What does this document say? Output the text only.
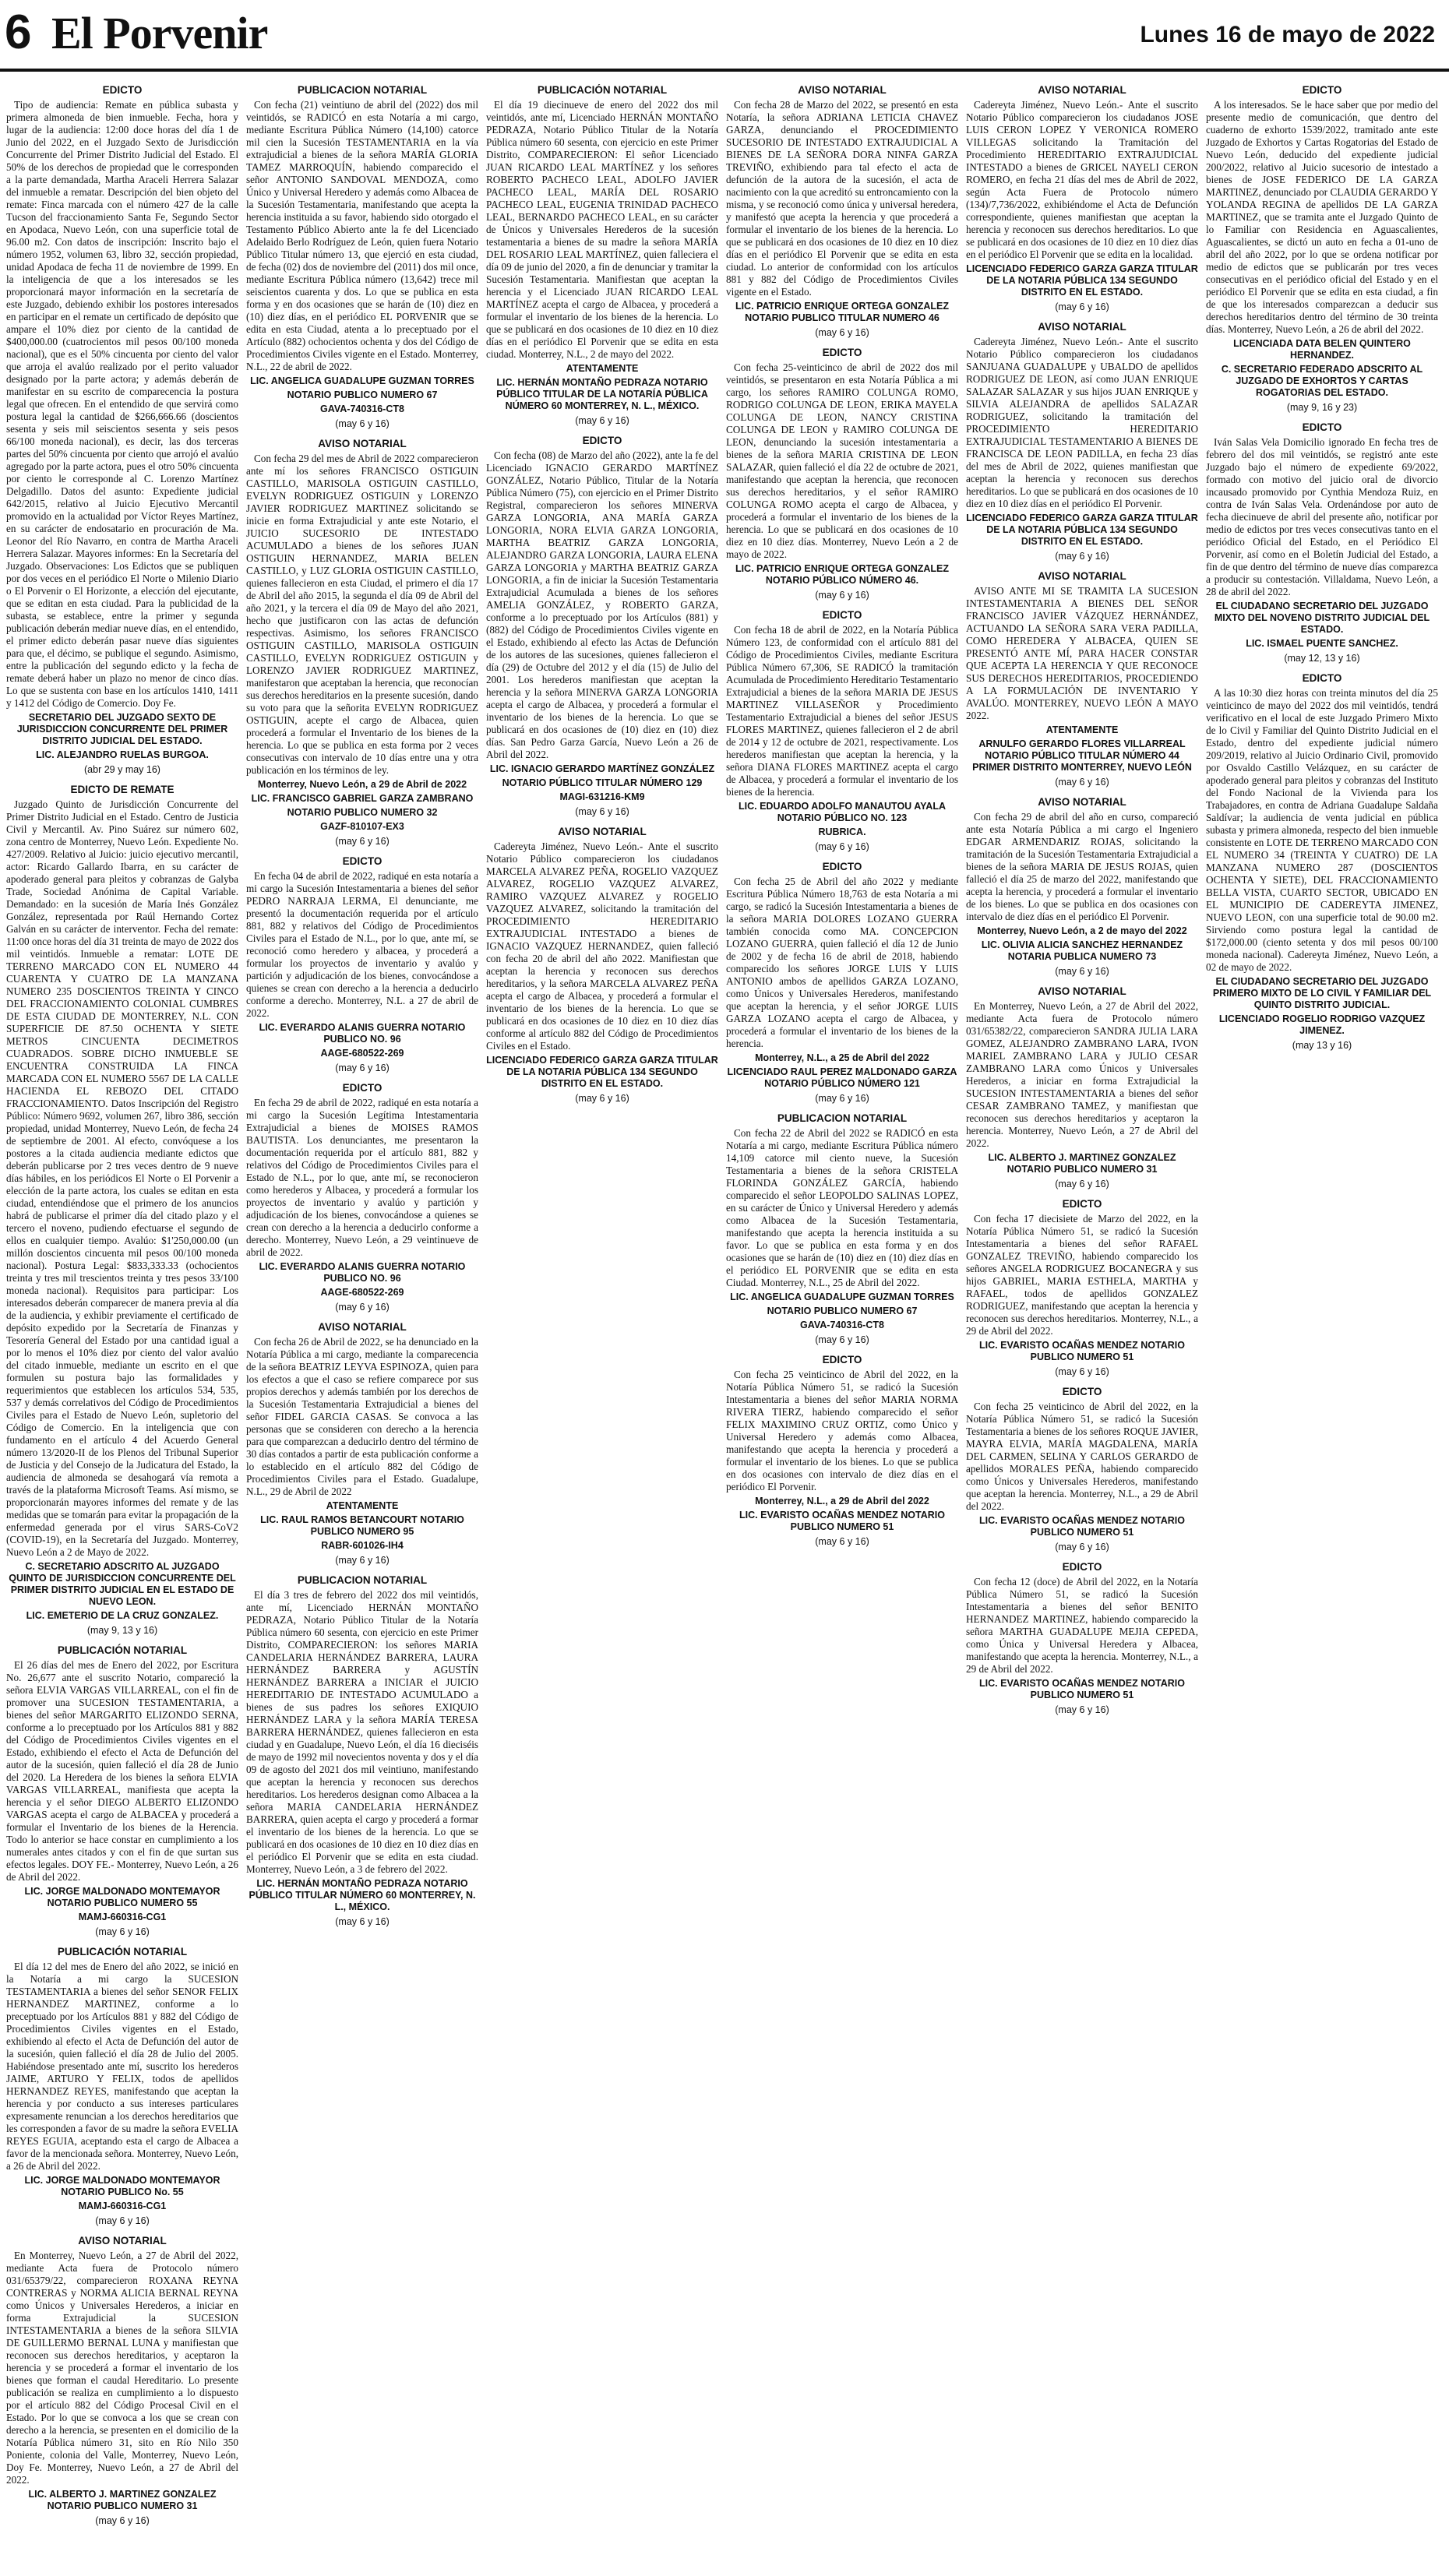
6 El Porvenir	Lunes 16 de mayo de 2022
EDICTO

Tipo de audiencia: Remate en pública subasta y primera almoneda de bien inmueble. Fecha, hora y lugar de la audiencia: 12:00 doce horas del día 1 de Junio del 2022, en el Juzgado Sexto de Jurisdicción Concurrente del Primer Distrito Judicial del Estado. El 50% de los derechos de propiedad que le corresponden a la parte demandada, Martha Araceli Herrera Salazar del inmueble a rematar. Descripción del bien objeto del remate: Finca marcada con el número 427 de la calle Tucson del fraccionamiento Santa Fe, Segundo Sector en Apodaca, Nuevo León, con una superficie total de 96.00 m2. Con datos de inscripción: Inscrito bajo el número 1952, volumen 63, libro 32, sección propiedad, unidad Apodaca de fecha 11 de noviembre de 1999. En la inteligencia de que a los interesados se les proporcionará mayor información en la secretaría de este Juzgado, debiendo exhibir los postores interesados en participar en el remate un certificado de depósito que ampare el 10% diez por ciento de la cantidad de $400,000.00 (cuatrocientos mil pesos 00/100 moneda nacional), que es el 50% cincuenta por ciento del valor que arroja el avalúo realizado por el perito valuador designado por la parte actora; y además deberán de manifestar en su escrito de comparecencia la postura legal que ofrecen. En el entendido de que servirá como postura legal la cantidad de $266,666.66 (doscientos sesenta y seis mil seiscientos sesenta y seis pesos 66/100 moneda nacional), es decir, las dos terceras partes del 50% cincuenta por ciento que arrojó el avalúo agregado por la parte actora, pues el otro 50% cincuenta por ciento le corresponde al C. Lorenzo Martínez Delgadillo. Datos del asunto: Expediente judicial 642/2015, relativo al Juicio Ejecutivo Mercantil promovido en la actualidad por Víctor Reyes Martínez, en su carácter de endosatario en procuración de Ma. Leonor del Río Navarro, en contra de Martha Araceli Herrera Salazar. Mayores informes: En la Secretaría del Juzgado. Observaciones: Los Edictos que se publiquen por dos veces en el periódico El Norte o Milenio Diario o El Porvenir o El Horizonte, a elección del ejecutante, que se editan en esta ciudad. Para la publicidad de la subasta, se establece, entre la primer y segunda publicación deberán mediar nueve días, en el entendido, el primer edicto deberán pasar nueve días siguientes para que, el décimo, se publique el segundo. Asimismo, entre la publicación del segundo edicto y la fecha de remate deberá haber un plazo no menor de cinco días. Lo que se sustenta con base en los artículos 1410, 1411 y 1412 del Código de Comercio. Doy Fe.

SECRETARIO DEL JUZGADO SEXTO DE JURISDICCION CONCURRENTE DEL PRIMER DISTRITO JUDICIAL DEL ESTADO.

LIC. ALEJANDRO RUELAS BURGOA.

(abr 29 y may 16)

EDICTO DE REMATE

Juzgado Quinto de Jurisdicción Concurrente del Primer Distrito Judicial en el Estado. Centro de Justicia Civil y Mercantil. Av. Pino Suárez sur número 602, zona centro de Monterrey, Nuevo León. Expediente No. 427/2009. Relativo al Juicio: juicio ejecutivo mercantil, actor: Ricardo Gallardo Ibarra, en su carácter de apoderado general para pleitos y cobranzas de Galyba Trade, Sociedad Anónima de Capital Variable. Demandado: en la sucesión de María Inés González González, representada por Raúl Hernando Cortez Galván en su carácter de interventor. Fecha del remate: 11:00 once horas del día 31 treinta de mayo de 2022 dos mil veintidós. Inmueble a rematar: LOTE DE TERRENO MARCADO CON EL NUMERO 44 CUARENTA Y CUATRO DE LA MANZANA NUMERO 235 DOSCIENTOS TREINTA Y CINCO DEL FRACCIONAMIENTO COLONIAL CUMBRES DE ESTA CIUDAD DE MONTERREY, N.L. CON SUPERFICIE DE 87.50 OCHENTA Y SIETE METROS CINCUENTA DECIMETROS CUADRADOS. SOBRE DICHO INMUEBLE SE ENCUENTRA CONSTRUIDA LA FINCA MARCADA CON EL NUMERO 5567 DE LA CALLE HACIENDA EL REBOZO DEL CITADO FRACCIONAMIENTO. Datos Inscripción del Registro Público: Número 9692, volumen 267, libro 386, sección propiedad, unidad Monterrey, Nuevo León, de fecha 24 de septiembre de 2001. Al efecto, convóquese a los postores a la citada audiencia mediante edictos que deberán publicarse por 2 tres veces dentro de 9 nueve días hábiles, en los periódicos El Norte o El Porvenir a elección de la parte actora, los cuales se editan en esta ciudad, entendiéndose que el primero de los anuncios habrá de publicarse el primer día del citado plazo y el tercero el noveno, pudiendo efectuarse el segundo de ellos en cualquier tiempo. Avalúo: $1'250,000.00 (un millón doscientos cincuenta mil pesos 00/100 moneda nacional). Postura Legal: $833,333.33 (ochocientos treinta y tres mil trescientos treinta y tres pesos 33/100 moneda nacional). Requisitos para participar: Los interesados deberán comparecer de manera previa al día de la audiencia, y exhibir previamente el certificado de depósito expedido por la Secretaría de Finanzas y Tesorería General del Estado por una cantidad igual a por lo menos el 10% diez por ciento del valor avalúo del citado inmueble, mediante un escrito en el que formulen su postura bajo las formalidades y requerimientos que establecen los artículos 534, 535, 537 y demás correlativos del Código de Procedimientos Civiles para el Estado de Nuevo León, supletorio del Código de Comercio. En la inteligencia que con fundamento en el artículo 4 del Acuerdo General número 13/2020-II de los Plenos del Tribunal Superior de Justicia y del Consejo de la Judicatura del Estado, la audiencia de almoneda se desahogará vía remota a través de la plataforma Microsoft Teams. Así mismo, se proporcionarán mayores informes del remate y de las medidas que se tomarán para evitar la propagación de la enfermedad generada por el virus SARS-CoV2 (COVID-19), en la Secretaría del Juzgado. Monterrey, Nuevo León a 2 de Mayo de 2022.

C. SECRETARIO ADSCRITO AL JUZGADO QUINTO DE JURISDICCION CONCURRENTE DEL PRIMER DISTRITO JUDICIAL EN EL ESTADO DE NUEVO LEON.

LIC. EMETERIO DE LA CRUZ GONZALEZ.

(may 9, 13 y 16)

PUBLICACIÓN NOTARIAL

El 26 días del mes de Enero del 2022, por Escritura No. 26,677 ante el suscrito Notario, compareció la señora ELVIA VARGAS VILLARREAL, con el fin de promover una SUCESION TESTAMENTARIA, a bienes del señor MARGARITO ELIZONDO SERNA, conforme a lo preceptuado por los Artículos 881 y 882 del Código de Procedimientos Civiles vigentes en el Estado, exhibiendo el efecto el Acta de Defunción del autor de la sucesión, quien falleció el día 28 de Junio del 2020. La Heredera de los bienes la señora ELVIA VARGAS VILLARREAL, manifiesta que acepta la herencia y el señor DIEGO ALBERTO ELIZONDO VARGAS acepta el cargo de ALBACEA y procederá a formular el Inventario de los bienes de la Herencia. Todo lo anterior se hace constar en cumplimiento a los numerales antes citados y con el fin de que surtan sus efectos legales. DOY FE.- Monterrey, Nuevo León, a 26 de Abril del 2022.

LIC. JORGE MALDONADO MONTEMAYOR NOTARIO PUBLICO NUMERO 55

MAMJ-660316-CG1

(may 6 y 16)

PUBLICACIÓN NOTARIAL

El día 12 del mes de Enero del año 2022, se inició en la Notaría a mi cargo la SUCESION TESTAMENTARIA a bienes del señor SENOR FELIX HERNANDEZ MARTINEZ, conforme a lo preceptuado por los Artículos 881 y 882 del Código de Procedimientos Civiles vigentes en el Estado, exhibiendo al efecto el Acta de Defunción del autor de la sucesión, quien falleció el día 28 de Julio del 2005. Habiéndose presentado ante mí, suscrito los herederos JAIME, ARTURO Y FELIX, todos de apellidos HERNANDEZ REYES, manifestando que aceptan la herencia y por conducto a sus intereses particulares expresamente renuncian a los derechos hereditarios que les corresponden a favor de su madre la señora EVELIA REYES EGUIA, aceptando esta el cargo de Albacea a favor de la mencionada señora. Monterrey, Nuevo León, a 26 de Abril del 2022.

LIC. JORGE MALDONADO MONTEMAYOR NOTARIO PUBLICO No. 55

MAMJ-660316-CG1

(may 6 y 16)

AVISO NOTARIAL

En Monterrey, Nuevo León, a 27 de Abril del 2022, mediante Acta fuera de Protocolo número 031/65379/22, comparecieron ROXANA REYNA CONTRERAS y NORMA ALICIA BERNAL REYNA como Únicos y Universales Herederos, a iniciar en forma Extrajudicial la SUCESION INTESTAMENTARIA a bienes de la señora SILVIA DE GUILLERMO BERNAL LUNA y manifiestan que reconocen sus derechos hereditarios, y aceptaron la herencia y se procederá a formar el inventario de los bienes que forman el caudal Hereditario. Lo presente publicación se realiza en cumplimiento a lo dispuesto por el artículo 882 del Código Procesal Civil en el Estado. Por lo que se convoca a los que se crean con derecho a la herencia, se presenten en el domicilio de la Notaría Pública número 31, sito en Río Nilo 350 Poniente, colonia del Valle, Monterrey, Nuevo León, Doy Fe. Monterrey, Nuevo León, a 27 de Abril del 2022.

LIC. ALBERTO J. MARTINEZ GONZALEZ NOTARIO PUBLICO NUMERO 31

(may 6 y 16)

PUBLICACION NOTARIAL

Con fecha (21) veintiuno de abril del (2022) dos mil veintidós, se RADICÓ en esta Notaría a mi cargo, mediante Escritura Pública Número (14,100) catorce mil cien la Sucesión TESTAMENTARIA en la vía extrajudicial a bienes de la señora MARÍA GLORIA TAMEZ MARROQUÍN, habiendo comparecido el señor ANTONIO SANDOVAL MENDOZA, como Único y Universal Heredero y además como Albacea de la Sucesión Testamentaria, manifestando que acepta la herencia instituida a su favor, habiendo sido otorgado el Testamento Público Abierto ante la fe del Licenciado Adelaido Berlo Rodríguez de León, quien fuera Notario Público Titular número 13, que ejerció en esta ciudad, de fecha (02) dos de noviembre del (2011) dos mil once, mediante Escritura Pública número (13,642) trece mil seiscientos cuarenta y dos. Lo que se publica en esta forma y en dos ocasiones que se harán de (10) diez en (10) diez días, en el periódico EL PORVENIR que se edita en esta Ciudad, atenta a lo preceptuado por el Artículo (882) ochocientos ochenta y dos del Código de Procedimientos Civiles vigente en el Estado. Monterrey, N.L., 22 de abril de 2022.

LIC. ANGELICA GUADALUPE GUZMAN TORRES

NOTARIO PUBLICO NUMERO 67

GAVA-740316-CT8

(may 6 y 16)

AVISO NOTARIAL

Con fecha 29 del mes de Abril de 2022 comparecieron ante mí los señores FRANCISCO OSTIGUIN CASTILLO, MARISOLA OSTIGUIN CASTILLO, EVELYN RODRIGUEZ OSTIGUIN y LORENZO JAVIER RODRIGUEZ MARTINEZ solicitando se inicie en forma Extrajudicial y ante este Notario, el JUICIO SUCESORIO DE INTESTADO ACUMULADO a bienes de los señores JUAN OSTIGUIN HERNANDEZ, MARIA BELEN CASTILLO, y LUZ GLORIA OSTIGUIN CASTILLO, quienes fallecieron en esta Ciudad, el primero el día 17 de Abril del año 2015, la segunda el día 09 de Abril del año 2021, y la tercera el día 09 de Mayo del año 2021, hecho que justificaron con las actas de defunción respectivas. Asimismo, los señores FRANCISCO OSTIGUIN CASTILLO, MARISOLA OSTIGUIN CASTILLO, EVELYN RODRIGUEZ OSTIGUIN y LORENZO JAVIER RODRIGUEZ MARTINEZ, manifestaron que aceptaban la herencia, que reconocían sus derechos hereditarios en la presente sucesión, dando su voto para que la señorita EVELYN RODRIGUEZ OSTIGUIN, acepte el cargo de Albacea, quien procederá a formular el Inventario de los bienes de la herencia. Lo que se publica en esta forma por 2 veces consecutivas con intervalo de 10 días entre una y otra publicación en los términos de ley.

Monterrey, Nuevo León, a 29 de Abril de 2022

LIC. FRANCISCO GABRIEL GARZA ZAMBRANO

NOTARIO PUBLICO NUMERO 32

GAZF-810107-EX3

(may 6 y 16)

EDICTO

En fecha 04 de abril de 2022, radiqué en esta notaría a mi cargo la Sucesión Intestamentaria a bienes del señor PEDRO NARRAJA LERMA, El denunciante, me presentó la documentación requerida por el artículo 881, 882 y relativos del Código de Procedimientos Civiles para el Estado de N.L., por lo que, ante mí, se reconoció como heredero y albacea, y procederá a formular los proyectos de inventario y avalúo y partición y adjudicación de los bienes, convocándose a quienes se crean con derecho a la herencia a deducirlo conforme a derecho. Monterrey, N.L. a 27 de abril de 2022.

LIC. EVERARDO ALANIS GUERRA NOTARIO PUBLICO NO. 96

AAGE-680522-269

(may 6 y 16)

EDICTO

En fecha 29 de abril de 2022, radiqué en esta notaría a mi cargo la Sucesión Legítima Intestamentaria Extrajudicial a bienes de MOISES RAMOS BAUTISTA. Los denunciantes, me presentaron la documentación requerida por el artículo 881, 882 y relativos del Código de Procedimientos Civiles para el Estado de N.L., por lo que, ante mí, se reconocieron como herederos y Albacea, y procederá a formular los proyectos de inventario y avalúo y partición y adjudicación de los bienes, convocándose a quienes se crean con derecho a la herencia a deducirlo conforme a derecho. Monterrey, Nuevo León, a 29 veintinueve de abril de 2022.

LIC. EVERARDO ALANIS GUERRA NOTARIO PUBLICO NO. 96

AAGE-680522-269

(may 6 y 16)

AVISO NOTARIAL

Con fecha 26 de Abril de 2022, se ha denunciado en la Notaría Pública a mi cargo, mediante la comparecencia de la señora BEATRIZ LEYVA ESPINOZA, quien para los efectos a que el caso se refiere comparece por sus propios derechos y además también por los derechos de la Sucesión Testamentaria Extrajudicial a bienes del señor FIDEL GARCIA CASAS. Se convoca a las personas que se consideren con derecho a la herencia para que comparezcan a deducirlo dentro del término de 30 días contados a partir de esta publicación conforme a lo establecido en el artículo 882 del Código de Procedimientos Civiles para el Estado. Guadalupe, N.L., 29 de Abril de 2022

ATENTAMENTE

LIC. RAUL RAMOS BETANCOURT NOTARIO PUBLICO NUMERO 95

RABR-601026-IH4

(may 6 y 16)

PUBLICACION NOTARIAL

El día 3 tres de febrero del 2022 dos mil veintidós, ante mí, Licenciado HERNÁN MONTAÑO PEDRAZA, Notario Público Titular de la Notaría Pública número 60 sesenta, con ejercicio en este Primer Distrito, COMPARECIERON: los señores MARIA CANDELARIA HERNÁNDEZ BARRERA, LAURA HERNÁNDEZ BARRERA y AGUSTÍN HERNÁNDEZ BARRERA a INICIAR el JUICIO HEREDITARIO DE INTESTADO ACUMULADO a bienes de sus padres los señores EXIQUIO HERNÁNDEZ LARA y la señora MARÍA TERESA BARRERA HERNÁNDEZ, quienes fallecieron en esta ciudad y en Guadalupe, Nuevo León, el día 16 dieciséis de mayo de 1992 mil novecientos noventa y dos y el día 09 de agosto del 2021 dos mil veintiuno, manifestando que aceptan la herencia y reconocen sus derechos hereditarios. Los herederos designan como Albacea a la señora MARIA CANDELARIA HERNÁNDEZ BARRERA, quien acepta el cargo y procederá a formar el inventario de los bienes de la herencia. Lo que se publicará en dos ocasiones de 10 diez en 10 diez días en el periódico El Porvenir que se edita en esta ciudad. Monterrey, Nuevo León, a 3 de febrero del 2022.

LIC. HERNÁN MONTAÑO PEDRAZA NOTARIO PÚBLICO TITULAR NÚMERO 60 MONTERREY, N. L., MÉXICO.

(may 6 y 16)

PUBLICACIÓN NOTARIAL

El día 19 diecinueve de enero del 2022 dos mil veintidós, ante mí, Licenciado HERNÁN MONTAÑO PEDRAZA, Notario Público Titular de la Notaría Pública número 60 sesenta, con ejercicio en este Primer Distrito, COMPARECIERON: El señor Licenciado JUAN RICARDO LEAL MARTÍNEZ y los señores ROBERTO PACHECO LEAL, ADOLFO JAVIER PACHECO LEAL, MARÍA DEL ROSARIO PACHECO LEAL, EUGENIA TRINIDAD PACHECO LEAL, BERNARDO PACHECO LEAL, en su carácter de Únicos y Universales Herederos de la sucesión testamentaria a bienes de su madre la señora MARÍA DEL ROSARIO LEAL MARTÍNEZ, quien falleciera el día 09 de junio del 2020, a fin de denunciar y tramitar la Sucesión Testamentaria. Manifiestan que aceptan la herencia y el Licenciado JUAN RICARDO LEAL MARTÍNEZ acepta el cargo de Albacea, y procederá a formular el inventario de los bienes de la herencia. Lo que se publicará en dos ocasiones de 10 diez en 10 diez días en el periódico El Porvenir que se edita en esta ciudad. Monterrey, N.L., 2 de mayo del 2022.

ATENTAMENTE

LIC. HERNÁN MONTAÑO PEDRAZA NOTARIO PÚBLICO TITULAR DE LA NOTARÍA PÚBLICA NÚMERO 60 MONTERREY, N. L., MÉXICO.

(may 6 y 16)

EDICTO

Con fecha (08) de Marzo del año (2022), ante la fe del Licenciado IGNACIO GERARDO MARTÍNEZ GONZÁLEZ, Notario Público, Titular de la Notaría Pública Número (75), con ejercicio en el Primer Distrito Registral, comparecieron los señores MINERVA GARZA LONGORIA, ANA MARÍA GARZA LONGORIA, NORA ELVIA GARZA LONGORIA, MARTHA BEATRIZ GARZA LONGORIA, ALEJANDRO GARZA LONGORIA, LAURA ELENA GARZA LONGORIA y MARTHA BEATRIZ GARZA LONGORIA, a fin de iniciar la Sucesión Testamentaria Extrajudicial Acumulada a bienes de los señores AMELIA GONZÁLEZ, y ROBERTO GARZA, conforme a lo preceptuado por los Artículos (881) y (882) del Código de Procedimientos Civiles vigente en el Estado, exhibiendo al efecto las Actas de Defunción de los autores de las sucesiones, quienes fallecieron el día (29) de Octubre del 2012 y el día (15) de Julio del 2001. Los herederos manifiestan que aceptan la herencia y la señora MINERVA GARZA LONGORIA acepta el cargo de Albacea, y procederá a formular el inventario de los bienes de la herencia. Lo que se publicará en dos ocasiones de (10) diez en (10) diez días. San Pedro Garza García, Nuevo León a 26 de Abril del 2022.

LIC. IGNACIO GERARDO MARTÍNEZ GONZÁLEZ

NOTARIO PÚBLICO TITULAR NÚMERO 129

MAGI-631216-KM9

(may 6 y 16)

AVISO NOTARIAL

Cadereyta Jiménez, Nuevo León.- Ante el suscrito Notario Público comparecieron los ciudadanos MARCELA ALVAREZ PEÑA, ROGELIO VAZQUEZ ALVAREZ, ROGELIO VAZQUEZ ALVAREZ, RAMIRO VAZQUEZ ALVAREZ y ROGELIO VAZQUEZ ALVAREZ, solicitando la tramitación del PROCEDIMIENTO HEREDITARIO EXTRAJUDICIAL INTESTADO a bienes de IGNACIO VAZQUEZ HERNANDEZ, quien falleció con fecha 20 de abril del año 2022. Manifiestan que aceptan la herencia y reconocen sus derechos hereditarios, y la señora MARCELA ALVAREZ PEÑA acepta el cargo de Albacea, y procederá a formular el inventario de los bienes de la herencia. Lo que se publicará en dos ocasiones de 10 diez en 10 diez días conforme al artículo 882 del Código de Procedimientos Civiles en el Estado.

LICENCIADO FEDERICO GARZA GARZA TITULAR DE LA NOTARIA PÚBLICA 134 SEGUNDO DISTRITO EN EL ESTADO.

(may 6 y 16)

AVISO NOTARIAL

Con fecha 28 de Marzo del 2022, se presentó en esta Notaría, la señora ADRIANA LETICIA CHAVEZ GARZA, denunciando el PROCEDIMIENTO SUCESORIO DE INTESTADO EXTRAJUDICIAL A BIENES DE LA SEÑORA DORA NINFA GARZA TREVIÑO, exhibiendo para tal efecto el acta de defunción de la autora de la sucesión, el acta de nacimiento con la que acreditó su entroncamiento con la misma, y se reconoció como única y universal heredera, y manifestó que acepta la herencia y que procederá a formular el inventario de los bienes de la herencia. Lo que se publicará en dos ocasiones de 10 diez en 10 diez días en el periódico El Porvenir que se edita en esta ciudad. Lo anterior de conformidad con los artículos 881 y 882 del Código de Procedimientos Civiles vigente en el Estado.

LIC. PATRICIO ENRIQUE ORTEGA GONZALEZ NOTARIO PUBLICO TITULAR NUMERO 46

(may 6 y 16)

EDICTO

Con fecha 25-veinticinco de abril de 2022 dos mil veintidós, se presentaron en esta Notaría Pública a mi cargo, los señores RAMIRO COLUNGA ROMO, RODRIGO COLUNGA DE LEON, ERIKA MAYELA COLUNGA DE LEON, NANCY CRISTINA COLUNGA DE LEON y RAMIRO COLUNGA DE LEON, denunciando la sucesión intestamentaria a bienes de la señora MARIA CRISTINA DE LEON SALAZAR, quien falleció el día 22 de octubre de 2021, manifestando que aceptan la herencia, que reconocen sus derechos hereditarios, y el señor RAMIRO COLUNGA ROMO acepta el cargo de Albacea, y procederá a formular el inventario de los bienes de la herencia. Lo que se publicará en dos ocasiones de 10 diez en 10 diez días. Monterrey, Nuevo León a 2 de mayo de 2022.

LIC. PATRICIO ENRIQUE ORTEGA GONZALEZ NOTARIO PÚBLICO NÚMERO 46.

(may 6 y 16)

EDICTO

Con fecha 18 de abril de 2022, en la Notaría Pública Número 123, de conformidad con el artículo 881 del Código de Procedimientos Civiles, mediante Escritura Pública Número 67,306, SE RADICÓ la tramitación Acumulada de Procedimiento Hereditario Testamentario Extrajudicial a bienes de la señora MARIA DE JESUS MARTINEZ VILLASEÑOR y Procedimiento Testamentario Extrajudicial a bienes del señor JESUS FLORES MARTINEZ, quienes fallecieron el 2 de abril de 2014 y 12 de octubre de 2021, respectivamente. Los herederos manifiestan que aceptan la herencia, y la señora DIANA FLORES MARTINEZ acepta el cargo de Albacea, y procederá a formular el inventario de los bienes de la herencia.

LIC. EDUARDO ADOLFO MANAUTOU AYALA NOTARIO PÚBLICO NO. 123

RUBRICA.

(may 6 y 16)

EDICTO

Con fecha 25 de Abril del año 2022 y mediante Escritura Pública Número 18,763 de esta Notaría a mi cargo, se radicó la Sucesión Intestamentaria a bienes de la señora MARIA DOLORES LOZANO GUERRA también conocida como MA. CONCEPCION LOZANO GUERRA, quien falleció el día 12 de Junio de 2002 y de fecha 16 de abril de 2018, habiendo comparecido los señores JORGE LUIS Y LUIS ANTONIO ambos de apellidos GARZA LOZANO, como Únicos y Universales Herederos, manifestando que aceptan la herencia, y el señor JORGE LUIS GARZA LOZANO acepta el cargo de Albacea, y procederá a formular el inventario de los bienes de la herencia.

Monterrey, N.L., a 25 de Abril del 2022

LICENCIADO RAUL PEREZ MALDONADO GARZA NOTARIO PÚBLICO NÚMERO 121

(may 6 y 16)

PUBLICACION NOTARIAL

Con fecha 22 de Abril del 2022 se RADICÓ en esta Notaría a mi cargo, mediante Escritura Pública número 14,109 catorce mil ciento nueve, la Sucesión Testamentaria a bienes de la señora CRISTELA FLORINDA GONZÁLEZ GARCÍA, habiendo comparecido el señor LEOPOLDO SALINAS LOPEZ, en su carácter de Único y Universal Heredero y además como Albacea de la Sucesión Testamentaria, manifestando que acepta la herencia instituida a su favor. Lo que se publica en esta forma y en dos ocasiones que se harán de (10) diez en (10) diez días en el periódico EL PORVENIR que se edita en esta Ciudad. Monterrey, N.L., 25 de Abril del 2022.

LIC. ANGELICA GUADALUPE GUZMAN TORRES

NOTARIO PUBLICO NUMERO 67

GAVA-740316-CT8

(may 6 y 16)

EDICTO

Con fecha 25 veinticinco de Abril del 2022, en la Notaría Pública Número 51, se radicó la Sucesión Intestamentaria a bienes del señor MARIA NORMA RIVERA TIERZ, habiendo comparecido el señor FELIX MAXIMINO CRUZ ORTIZ, como Único y Universal Heredero y además como Albacea, manifestando que acepta la herencia y procederá a formular el inventario de los bienes. Lo que se publica en dos ocasiones con intervalo de diez días en el periódico El Porvenir.

Monterrey, N.L., a 29 de Abril del 2022

LIC. EVARISTO OCAÑAS MENDEZ NOTARIO PUBLICO NUMERO 51

(may 6 y 16)

AVISO NOTARIAL

Cadereyta Jiménez, Nuevo León.- Ante el suscrito Notario Público comparecieron los ciudadanos JOSE LUIS CERON LOPEZ Y VERONICA ROMERO VILLEGAS solicitando la Tramitación del Procedimiento HEREDITARIO EXTRAJUDICIAL INTESTADO a bienes de GRICEL NAYELI CERON ROMERO, en fecha 21 días del mes de Abril de 2022, según Acta Fuera de Protocolo número (134)/7,736/2022, exhibiéndome el Acta de Defunción correspondiente, quienes manifiestan que aceptan la herencia y reconocen sus derechos hereditarios. Lo que se publicará en dos ocasiones de 10 diez en 10 diez días en el periódico El Porvenir que se edita en la localidad.

LICENCIADO FEDERICO GARZA GARZA TITULAR DE LA NOTARIA PÚBLICA 134 SEGUNDO DISTRITO EN EL ESTADO.

(may 6 y 16)

AVISO NOTARIAL

Cadereyta Jiménez, Nuevo León.- Ante el suscrito Notario Público comparecieron los ciudadanos SANJUANA GUADALUPE y UBALDO de apellidos RODRIGUEZ DE LEON, así como JUAN ENRIQUE SALAZAR SALAZAR y sus hijos JUAN ENRIQUE y SILVIA ALEJANDRA de apellidos SALAZAR RODRIGUEZ, solicitando la tramitación del PROCEDIMIENTO HEREDITARIO EXTRAJUDICIAL TESTAMENTARIO A BIENES DE FRANCISCA DE LEON PADILLA, en fecha 23 días del mes de Abril de 2022, quienes manifiestan que aceptan la herencia y reconocen sus derechos hereditarios. Lo que se publicará en dos ocasiones de 10 diez en 10 diez días en el periódico El Porvenir.

LICENCIADO FEDERICO GARZA GARZA TITULAR DE LA NOTARIA PÚBLICA 134 SEGUNDO DISTRITO EN EL ESTADO.

(may 6 y 16)

AVISO NOTARIAL

AVISO ANTE MI SE TRAMITA LA SUCESION INTESTAMENTARIA A BIENES DEL SEÑOR FRANCISCO JAVIER VÁZQUEZ HERNÁNDEZ, ACTUANDO LA SEÑORA SARA VERA PADILLA, COMO HEREDERA Y ALBACEA, QUIEN SE PRESENTÓ ANTE MÍ, PARA HACER CONSTAR QUE ACEPTA LA HERENCIA Y QUE RECONOCE SUS DERECHOS HEREDITARIOS, PROCEDIENDO A LA FORMULACIÓN DE INVENTARIO Y AVALÚO. MONTERREY, NUEVO LEÓN A MAYO 2022.

ATENTAMENTE

ARNULFO GERARDO FLORES VILLARREAL NOTARIO PÚBLICO TITULAR NÚMERO 44 PRIMER DISTRITO MONTERREY, NUEVO LEÓN

(may 6 y 16)

AVISO NOTARIAL

Con fecha 29 de abril del año en curso, compareció ante esta Notaría Pública a mi cargo el Ingeniero EDGAR ARMENDARIZ ROJAS, solicitando la tramitación de la Sucesión Testamentaria Extrajudicial a bienes de la señora MARIA DE JESUS ROJAS, quien falleció el día 25 de marzo del 2022, manifestando que acepta la herencia, y procederá a formular el inventario de los bienes. Lo que se publica en dos ocasiones con intervalo de diez días en el periódico El Porvenir.

Monterrey, Nuevo León, a 2 de mayo del 2022

LIC. OLIVIA ALICIA SANCHEZ HERNANDEZ NOTARIA PUBLICA NUMERO 73

(may 6 y 16)

AVISO NOTARIAL

En Monterrey, Nuevo León, a 27 de Abril del 2022, mediante Acta fuera de Protocolo número 031/65382/22, comparecieron SANDRA JULIA LARA GOMEZ, ALEJANDRO ZAMBRANO LARA, IVON MARIEL ZAMBRANO LARA y JULIO CESAR ZAMBRANO LARA como Únicos y Universales Herederos, a iniciar en forma Extrajudicial la SUCESION INTESTAMENTARIA a bienes del señor CESAR ZAMBRANO TAMEZ, y manifiestan que reconocen sus derechos hereditarios y aceptaron la herencia. Monterrey, Nuevo León, a 27 de Abril del 2022.

LIC. ALBERTO J. MARTINEZ GONZALEZ NOTARIO PUBLICO NUMERO 31

(may 6 y 16)

EDICTO

Con fecha 17 diecisiete de Marzo del 2022, en la Notaría Pública Número 51, se radicó la Sucesión Intestamentaria a bienes del señor RAFAEL GONZALEZ TREVIÑO, habiendo comparecido los señores ANGELA RODRIGUEZ BOCANEGRA y sus hijos GABRIEL, MARIA ESTHELA, MARTHA y RAFAEL, todos de apellidos GONZALEZ RODRIGUEZ, manifestando que aceptan la herencia y reconocen sus derechos hereditarios. Monterrey, N.L., a 29 de Abril del 2022.

LIC. EVARISTO OCAÑAS MENDEZ NOTARIO PUBLICO NUMERO 51

(may 6 y 16)

EDICTO

Con fecha 25 veinticinco de Abril del 2022, en la Notaría Pública Número 51, se radicó la Sucesión Testamentaria a bienes de los señores ROQUE JAVIER, MAYRA ELVIA, MARÍA MAGDALENA, MARÍA DEL CARMEN, SELINA Y CARLOS GERARDO de apellidos MORALES PEÑA, habiendo comparecido como Únicos y Universales Herederos, manifestando que aceptan la herencia. Monterrey, N.L., a 29 de Abril del 2022.

LIC. EVARISTO OCAÑAS MENDEZ NOTARIO PUBLICO NUMERO 51

(may 6 y 16)

EDICTO

Con fecha 12 (doce) de Abril del 2022, en la Notaría Pública Número 51, se radicó la Sucesión Intestamentaria a bienes del señor BENITO HERNANDEZ MARTINEZ, habiendo comparecido la señora MARTHA GUADALUPE MEJIA CEPEDA, como Única y Universal Heredera y Albacea, manifestando que acepta la herencia. Monterrey, N.L., a 29 de Abril del 2022.

LIC. EVARISTO OCAÑAS MENDEZ NOTARIO PUBLICO NUMERO 51

(may 6 y 16)

EDICTO

A los interesados. Se le hace saber que por medio del presente medio de comunicación, que dentro del cuaderno de exhorto 1539/2022, tramitado ante este Juzgado de Exhortos y Cartas Rogatorias del Estado de Nuevo León, deducido del expediente judicial 200/2022, relativo al Juicio sucesorio de intestado a bienes de JOSE FEDERICO DE LA GARZA MARTINEZ, denunciado por CLAUDIA GERARDO Y YOLANDA REGINA de apellidos DE LA GARZA MARTINEZ, que se tramita ante el Juzgado Quinto de lo Familiar con Residencia en Aguascalientes, Aguascalientes, se dictó un auto en fecha a 01-uno de abril del año 2022, por lo que se ordena notificar por medio de edictos que se publicarán por tres veces consecutivas en el periódico oficial del Estado y en el periódico El Porvenir que se edita en esta ciudad, a fin de que los interesados comparezcan a deducir sus derechos hereditarios dentro del término de 30 treinta días. Monterrey, Nuevo León, a 26 de abril del 2022.

LICENCIADA DATA BELEN QUINTERO HERNANDEZ.

C. SECRETARIO FEDERADO ADSCRITO AL JUZGADO DE EXHORTOS Y CARTAS ROGATORIAS DEL ESTADO.

(may 9, 16 y 23)

EDICTO

Iván Salas Vela Domicilio ignorado En fecha tres de febrero del dos mil veintidós, se registró ante este Juzgado bajo el número de expediente 69/2022, formado con motivo del juicio oral de divorcio incausado promovido por Cynthia Mendoza Ruiz, en contra de Iván Salas Vela. Ordenándose por auto de fecha diecinueve de abril del presente año, notificar por medio de edictos por tres veces consecutivas tanto en el periódico Oficial del Estado, en el Periódico El Porvenir, así como en el Boletín Judicial del Estado, a fin de que dentro del término de nueve días comparezca a producir su contestación. Villaldama, Nuevo León, a 28 de abril del 2022.

EL CIUDADANO SECRETARIO DEL JUZGADO MIXTO DEL NOVENO DISTRITO JUDICIAL DEL ESTADO.

LIC. ISMAEL PUENTE SANCHEZ.

(may 12, 13 y 16)

EDICTO

A las 10:30 diez horas con treinta minutos del día 25 veinticinco de mayo del 2022 dos mil veintidós, tendrá verificativo en el local de este Juzgado Primero Mixto de lo Civil y Familiar del Quinto Distrito Judicial en el Estado, dentro del expediente judicial número 209/2019, relativo al Juicio Ordinario Civil, promovido por Osvaldo Castillo Velázquez, en su carácter de apoderado general para pleitos y cobranzas del Instituto del Fondo Nacional de la Vivienda para los Trabajadores, en contra de Adriana Guadalupe Saldaña Saldívar; la audiencia de venta judicial en pública subasta y primera almoneda, respecto del bien inmueble consistente en LOTE DE TERRENO MARCADO CON EL NUMERO 34 (TREINTA Y CUATRO) DE LA MANZANA NUMERO 287 (DOSCIENTOS OCHENTA Y SIETE), DEL FRACCIONAMIENTO BELLA VISTA, CUARTO SECTOR, UBICADO EN EL MUNICIPIO DE CADEREYTA JIMENEZ, NUEVO LEON, con una superficie total de 90.00 m2. Sirviendo como postura legal la cantidad de $172,000.00 (ciento setenta y dos mil pesos 00/100 moneda nacional). Cadereyta Jiménez, Nuevo León, a 02 de mayo de 2022.

EL CIUDADANO SECRETARIO DEL JUZGADO PRIMERO MIXTO DE LO CIVIL Y FAMILIAR DEL QUINTO DISTRITO JUDICIAL.

LICENCIADO ROGELIO RODRIGO VAZQUEZ JIMENEZ.

(may 13 y 16)
